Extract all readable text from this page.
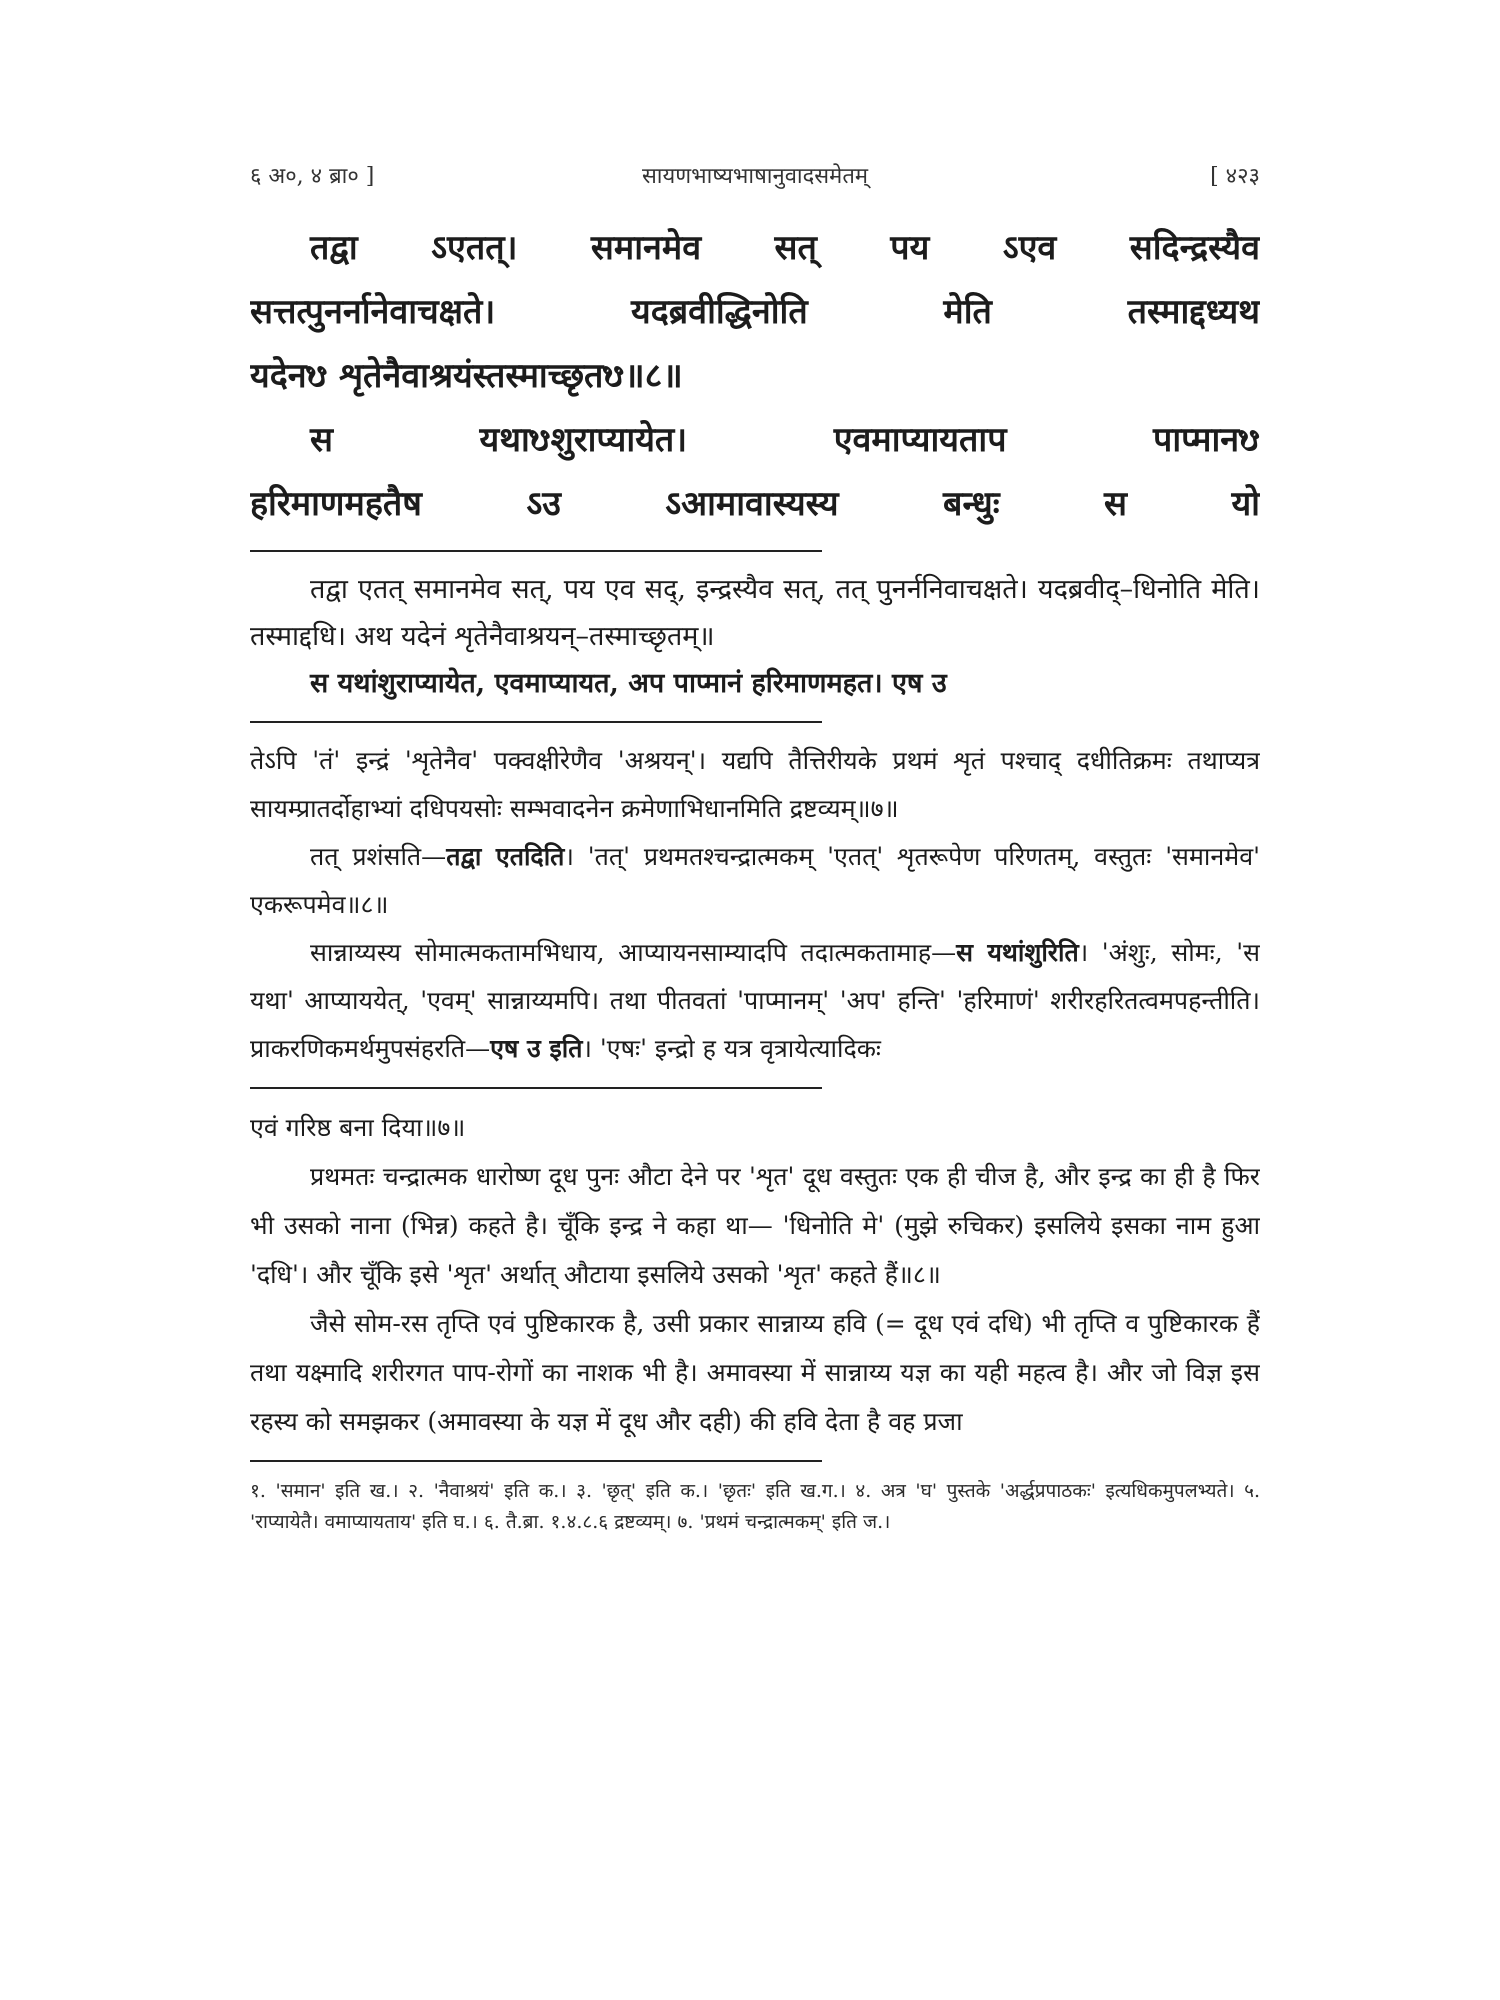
६ अ०, ४ ब्रा० ]	सायणभाष्यभाषानुवादसमेतम्	[ ४२३

तद्वा ऽएतत्। समानमेव सत् पय ऽएव सदिन्द्रस्यैव

सत्तत्पुनर्नानेवाचक्षते। यदब्रवीद्धिनोति मेति तस्माद्दध्यथ

यदेनᳪ शृतेनैवाश्रयंस्तस्माच्छृतᳪ॥८॥

स यथाᳪशुराप्यायेत। एवमाप्यायताप पाप्मानᳪ

हरिमाणमहतैष ऽउ ऽआमावास्यस्य बन्धुः स यो

तद्वा एतत् समानमेव सत्, पय एव सद्, इन्द्रस्यैव सत्, तत् पुनर्ननिवाचक्षते। यदब्रवीद्–धिनोति मेति। तस्माद्दधि। अथ यदेनं शृतेनैवाश्रयन्–तस्माच्छृतम्॥

स यथांशुराप्यायेत, एवमाप्यायत, अप पाप्मानं हरिमाणमहत। एष उ

तेऽपि 'तं' इन्द्रं 'शृतेनैव' पक्वक्षीरेणैव 'अश्रयन्'। यद्यपि तैत्तिरीयके प्रथमं शृतं पश्चाद् दधीतिक्रमः तथाप्यत्र सायम्प्रातर्दोहाभ्यां दधिपयसोः सम्भवादनेन क्रमेणाभिधानमिति द्रष्टव्यम्॥७॥

तत् प्रशंसति—तद्वा एतदिति। 'तत्' प्रथमतश्चन्द्रात्मकम् 'एतत्' शृतरूपेण परिणतम्, वस्तुतः 'समानमेव' एकरूपमेव॥८॥

सान्नाय्यस्य सोमात्मकतामभिधाय, आप्यायनसाम्यादपि तदात्मकतामाह—स यथांशुरिति। 'अंशुः, सोमः, 'स यथा' आप्याययेत्, 'एवम्' सान्नाय्यमपि। तथा पीतवतां 'पाप्मानम्' 'अप' हन्ति' 'हरिमाणं' शरीरहरितत्वमपहन्तीति। प्राकरणिकमर्थमुपसंहरति—एष उ इति। 'एषः' इन्द्रो ह यत्र वृत्रायेत्यादिकः

एवं गरिष्ठ बना दिया॥७॥

प्रथमतः चन्द्रात्मक धारोष्ण दूध पुनः औटा देने पर 'शृत' दूध वस्तुतः एक ही चीज है, और इन्द्र का ही है फिर भी उसको नाना (भिन्न) कहते है। चूँकि इन्द्र ने कहा था— 'धिनोति मे' (मुझे रुचिकर) इसलिये इसका नाम हुआ 'दधि'। और चूँकि इसे 'शृत' अर्थात् औटाया इसलिये उसको 'शृत' कहते हैं॥८॥

जैसे सोम-रस तृप्ति एवं पुष्टिकारक है, उसी प्रकार सान्नाय्य हवि (= दूध एवं दधि) भी तृप्ति व पुष्टिकारक हैं तथा यक्ष्मादि शरीरगत पाप-रोगों का नाशक भी है। अमावस्या में सान्नाय्य यज्ञ का यही महत्व है। और जो विज्ञ इस रहस्य को समझकर (अमावस्या के यज्ञ में दूध और दही) की हवि देता है वह प्रजा

१. 'समान' इति ख.। २. 'नैवाश्रयं' इति क.। ३. 'छृत्' इति क.। 'छृतः' इति ख.ग.। ४. अत्र 'घ' पुस्तके 'अर्द्धप्रपाठकः' इत्यधिकमुपलभ्यते। ५. 'राप्यायेतै। वमाप्यायताय' इति घ.। ६. तै.ब्रा. १.४.८.६ द्रष्टव्यम्। ७. 'प्रथमं चन्द्रात्मकम्' इति ज.।
